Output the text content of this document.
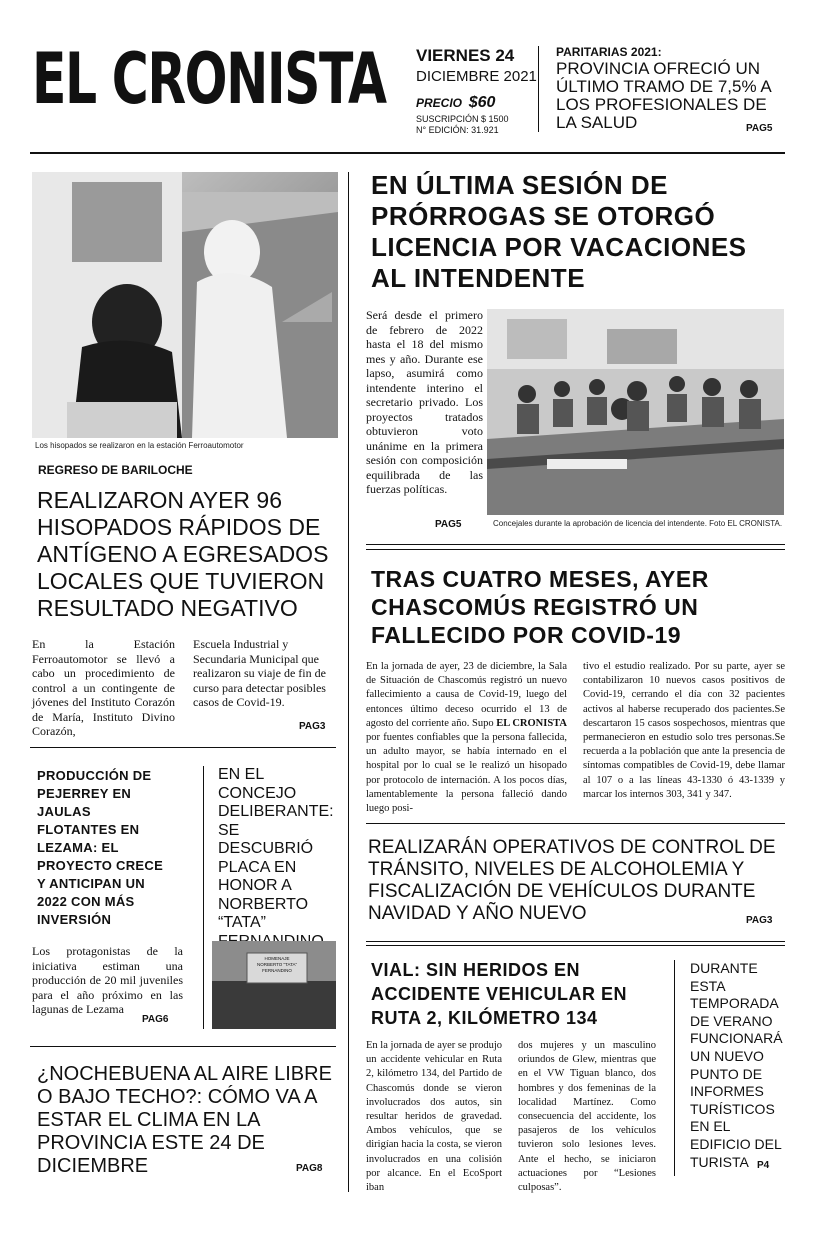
EL CRONISTA VIERNES 24
DICIEMBRE 2021
PRECIO $60
SUSCRIPCIÓN $ 1500
N° EDICIÓN: 31.921
PARITARIAS 2021:
PROVINCIA OFRECIÓ UN ÚLTIMO TRAMO DE 7,5% A LOS PROFESIONALES DE LA SALUD	PAG5
Los hisopados se realizaron en la estación Ferroautomotor
REGRESO DE BARILOCHE
REALIZARON AYER 96 HISOPADOS RÁPIDOS DE ANTÍGENO A EGRESADOS LOCALES QUE TUVIERON RESULTADO NEGATIVO
En la Estación Ferroautomotor se llevó a cabo un procedimiento de control a un contingente de jóvenes del Instituto Corazón de María, Instituto Divino Corazón,
Escuela Industrial y Secundaria Municipal que realizaron su viaje de fin de curso para detectar posibles casos de Covid-19.
PAG3
PRODUCCIÓN DE PEJERREY EN JAULAS FLOTANTES EN LEZAMA: EL PROYECTO CRECE Y ANTICIPAN UN 2022 CON MÁS INVERSIÓN
Los protagonistas de la iniciativa estiman una producción de 20 mil juveniles para el año próximo en las lagunas de Lezama
PAG6
EN EL CONCEJO DELIBERANTE: SE DESCUBRIÓ PLACA EN HONOR A NORBERTO “TATA”
HOMENAJE
NORBERTO “TATA” FERNANDINO
¿NOCHEBUENA AL AIRE LIBRE O BAJO TECHO?: CÓMO VA A ESTAR EL CLIMA EN LA PROVINCIA ESTE 24 DE DICIEMBRE	PAG8
EN ÚLTIMA SESIÓN DE PRÓRROGAS SE OTORGÓ LICENCIA POR VACACIONES AL INTENDENTE
Será desde el primero de febrero de 2022 hasta el 18 del mismo mes y año. Durante ese lapso, asumirá como intendente interino el secretario privado. Los proyectos tratados obtuvieron voto unánime en la primera sesión con composición equilibrada de las fuerzas políticas.
PAG5	Concejales durante la aprobación de licencia del intendente. Foto EL CRONISTA.
TRAS CUATRO MESES, AYER CHASCOMÚS REGISTRÓ UN FALLECIDO POR COVID-19
En la jornada de ayer, 23 de diciembre, la Sala de Situación de Chascomús registró un nuevo fallecimiento a causa de Covid-19, luego del entonces último deceso ocurrido el 13 de agosto del corriente año. Supo EL CRONISTA por fuentes confiables que la persona fallecida, un adulto mayor, se había internado en el hospital por lo cual se le realizó un hisopado por protocolo de internación. A los pocos días, lamentablemente la persona falleció dando luego posi-
tivo el estudio realizado. Por su parte, ayer se contabilizaron 10 nuevos casos positivos de Covid-19, cerrando el día con 32 pacientes activos al haberse recuperado dos pacientes.Se descartaron 15 casos sospechosos, mientras que permanecieron en estudio solo tres personas.Se recuerda a la población que ante la presencia de síntomas compatibles de Covid-19, debe llamar al 107 o a las líneas 43-1330 ó 43-1339 y marcar los internos 303, 341 y 347.
REALIZARÁN OPERATIVOS DE CONTROL DE TRÁNSITO, NIVELES DE ALCOHOLEMIA Y FISCALIZACIÓN DE VEHÍCULOS DURANTE NAVIDAD Y AÑO NUEVO	PAG3
VIAL: SIN HERIDOS EN ACCIDENTE VEHICULAR EN RUTA 2, KILÓMETRO 134
En la jornada de ayer se produjo un accidente vehicular en Ruta 2, kilómetro 134, del Partido de Chascomús donde se vieron involucrados dos autos, sin resultar heridos de gravedad. Ambos vehículos, que se dirigían hacia la costa, se vieron involucrados en una colisión por alcance. En el EcoSport iban
dos mujeres y un masculino oriundos de Glew, mientras que en el VW Tiguan blanco, dos hombres y dos femeninas de la localidad Martínez. Como consecuencia del accidente, los pasajeros de los vehículos tuvieron solo lesiones leves. Ante el hecho, se iniciaron actuaciones por “Lesiones culposas”.
DURANTE ESTA TEMPORADA DE VERANO FUNCIONARÁ UN NUEVO PUNTO DE INFORMES TURÍSTICOS EN EL EDIFICIO DEL TURISTA P4
